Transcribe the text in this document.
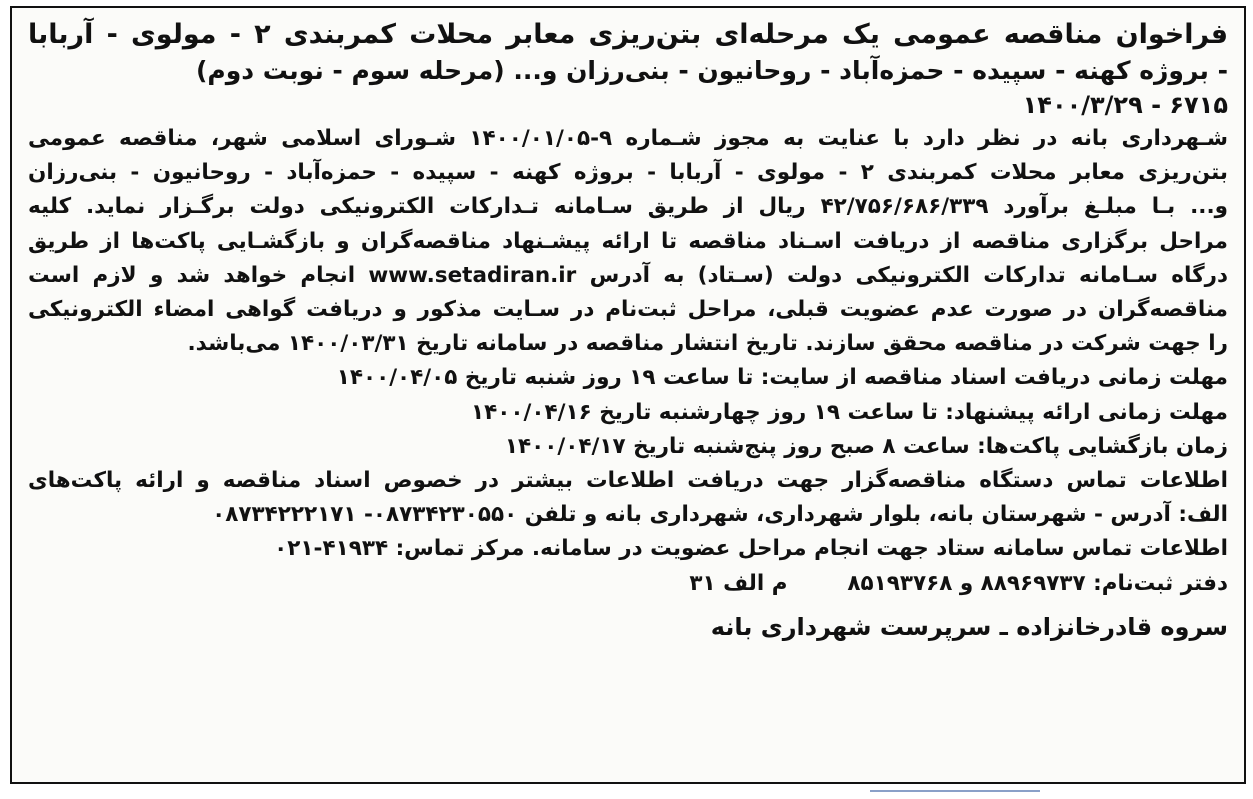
فراخوان مناقصه عمومی یک مرحله‌ای بتن‌ریزی معابر محلات کمربندی ۲ - مولوی - آربابا
- بروژه کهنه - سپیده - حمزه‌آباد - روحانیون - بنی‌رزان و... (مرحله سوم - نوبت دوم)
۶۷۱۵ - ۱۴۰۰/۳/۲۹
شـهرداری بانه در نظر دارد با عنایت به مجوز شـماره ۹-۱۴۰۰/۰۱/۰۵ شـورای اسلامی شهر، مناقصه عمومی
بتن‌ریزی معابر محلات کمربندی ۲ - مولوی - آربابا - بروژه کهنه - سپیده - حمزه‌آباد - روحانیون - بنی‌رزان
و... بـا مبلـغ برآورد ۴۲/۷۵۶/۶۸۶/۳۳۹ ریال از طریق سـامانه تـدارکات الکترونیکی دولت برگـزار نماید. کلیه
مراحل برگزاری مناقصه از دریافت اسـناد مناقصه تا ارائه پیشـنهاد مناقصه‌گران و بازگشـایی پاکت‌ها از طریق
درگاه سـامانه تدارکات الکترونیکی دولت (سـتاد) به آدرس www.setadiran.ir انجام خواهد شد و لازم است
مناقصه‌گران در صورت عدم عضویت قبلی، مراحل ثبت‌نام در سـایت مذکور و دریافت گواهی امضاء الکترونیکی
را جهت شرکت در مناقصه محقق سازند. تاریخ انتشار مناقصه در سامانه تاریخ ۱۴۰۰/۰۳/۳۱ می‌باشد.
مهلت زمانی دریافت اسناد مناقصه از سایت: تا ساعت ۱۹ روز شنبه تاریخ ۱۴۰۰/۰۴/۰۵
مهلت زمانی ارائه پیشنهاد: تا ساعت ۱۹ روز چهارشنبه تاریخ ۱۴۰۰/۰۴/۱۶
زمان بازگشایی پاکت‌ها: ساعت ۸ صبح روز پنج‌شنبه تاریخ ۱۴۰۰/۰۴/۱۷
اطلاعات تماس دستگاه مناقصه‌گزار جهت دریافت اطلاعات بیشتر در خصوص اسناد مناقصه و ارائه پاکت‌های
الف: آدرس - شهرستان بانه، بلوار شهرداری، شهرداری بانه و تلفن ۰۸۷۳۴۲۳۰۵۵۰- ۰۸۷۳۴۲۲۲۱۷۱
اطلاعات تماس سامانه ستاد جهت انجام مراحل عضویت در سامانه. مرکز تماس: ۴۱۹۳۴-۰۲۱
دفتر ثبت‌نام: ۸۸۹۶۹۷۳۷ و ۸۵۱۹۳۷۶۸        م الف ۳۱
سروه قادرخانزاده ـ سرپرست شهرداری بانه
